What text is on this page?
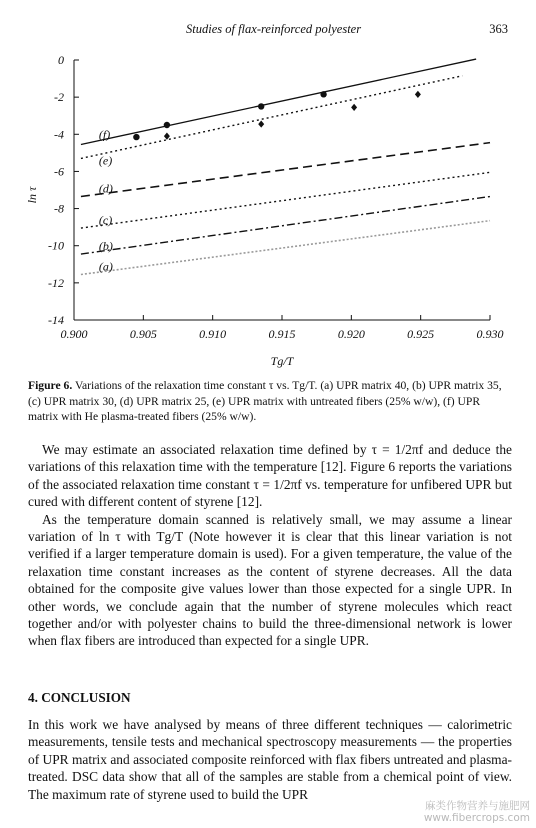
Studies of flax-reinforced polyester	363
0.900	0.905	0.910	0.915	0.920	0.925	0.930
0
-2
-4
-6
-8
-10
-12
-14
(a)
(b)
(c)
(d)
(e)
(f)
ln τ
Tg/T
Figure 6. Variations of the relaxation time constant τ vs. Tg/T. (a) UPR matrix 40, (b) UPR matrix 35, (c) UPR matrix 30, (d) UPR matrix 25, (e) UPR matrix with untreated fibers (25% w/w), (f) UPR matrix with He plasma-treated fibers (25% w/w).

We may estimate an associated relaxation time defined by τ = 1/2πf and deduce the variations of this relaxation time with the temperature [12]. Figure 6 reports the variations of the associated relaxation time constant τ = 1/2πf vs. temperature for unfibered UPR but cured with different content of styrene [12].

As the temperature domain scanned is relatively small, we may assume a linear variation of ln τ with Tg/T (Note however it is clear that this linear variation is not verified if a larger temperature domain is used). For a given temperature, the value of the relaxation time constant increases as the content of styrene decreases. All the data obtained for the composite give values lower than those expected for a single UPR. In other words, we conclude again that the number of styrene molecules which react together and/or with polyester chains to build the three-dimensional network is lower when flax fibers are introduced than expected for a single UPR.

4. CONCLUSION

In this work we have analysed by means of three different techniques — calorimetric measurements, tensile tests and mechanical spectroscopy measurements — the properties of UPR matrix and associated composite reinforced with flax fibers untreated and plasma-treated. DSC data show that all of the samples are stable from a chemical point of view. The maximum rate of styrene used to build the UPR

麻类作物营养与施肥网
www.fibercrops.com
